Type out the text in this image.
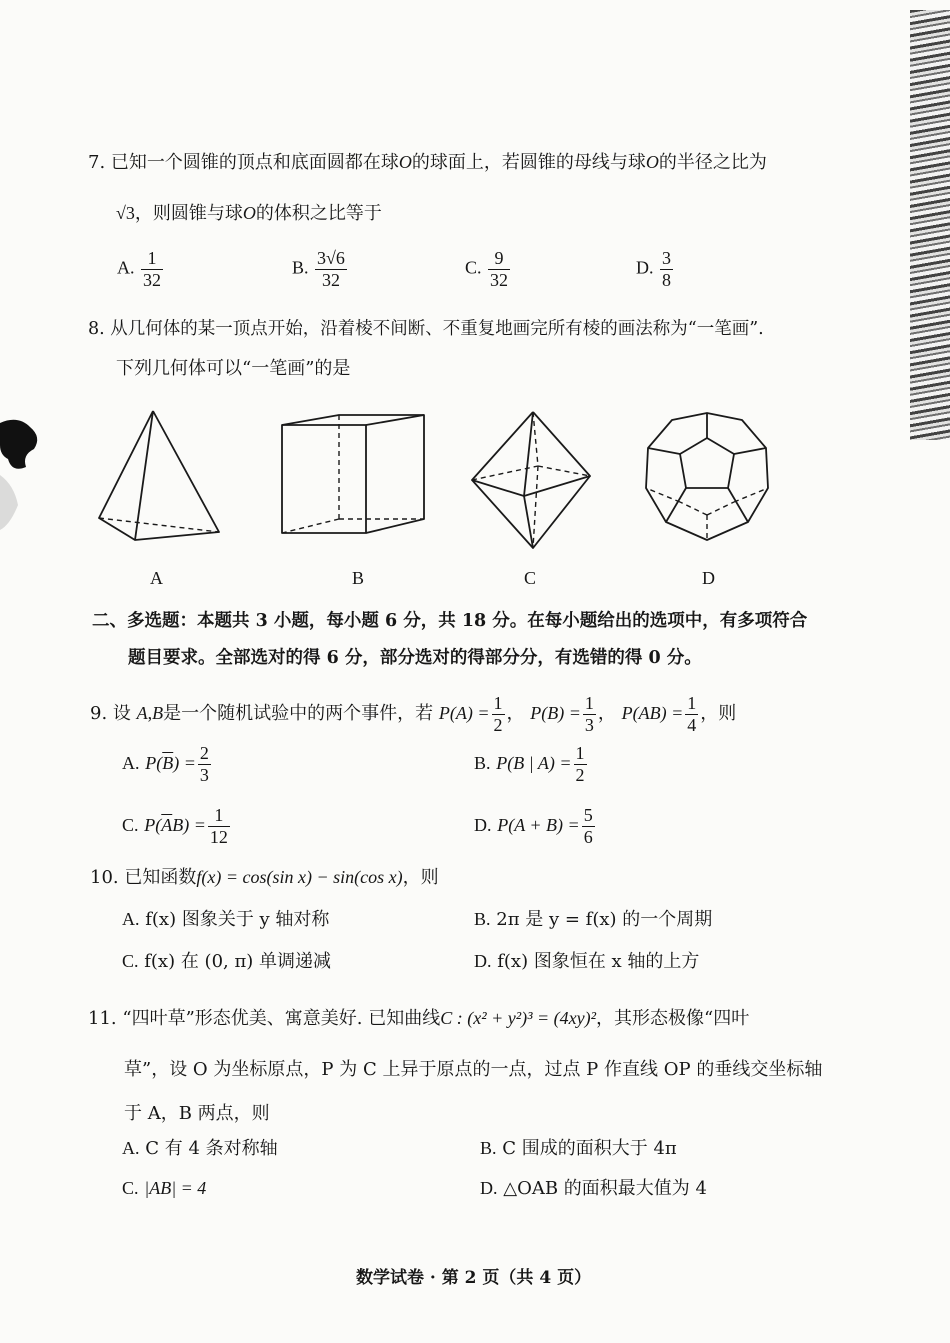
7. 已知一个圆锥的顶点和底面圆都在球O的球面上，若圆锥的母线与球O的半径之比为
√3，则圆锥与球O的体积之比等于
A. $\frac{1}{32}$	B. $\frac{3√6}{32}$	C. $\frac{9}{32}$	D. $\frac{3}{8}$
8. 从几何体的某一顶点开始，沿着棱不间断、不重复地画完所有棱的画法称为“一笔画”.
下列几何体可以“一笔画”的是
A	B	C	D
二、多选题：本题共 3 小题，每小题 6 分，共 18 分。在每小题给出的选项中，有多项符合
题目要求。全部选对的得 6 分，部分选对的得部分分，有选错的得 0 分。
9. 设 A,B是一个随机试验中的两个事件，若 $P(A) = \frac{1}{2}$ ， $P(B) = \frac{1}{3}$ ， $P(AB) = \frac{1}{4}$ ，则
A. $P(\overline{B}) = \frac{2}{3}$	B. P(B | $A) = \frac{1}{2}$
C. $P(\overline{A}B) = \frac{1}{12}$	D. $P(A + B) = \frac{5}{6}$
10. 已知函数f(x) = cos(sin x) − sin(cos x)，则
A. f(x) 图象关于 y 轴对称	B. 2π 是 y = f(x) 的一个周期
C. f(x) 在 (0, π) 单调递减	D. f(x) 图象恒在 x 轴的上方
11. “四叶草”形态优美、寓意美好. 已知曲线C : (x² + y²)³ = (4xy)²，其形态极像“四叶
草”，设 O 为坐标原点，P 为 C 上异于原点的一点，过点 P 作直线 OP 的垂线交坐标轴
于 A，B 两点，则
A. C 有 4 条对称轴	B. C 围成的面积大于 4π
C. |AB| = 4	D. △OAB 的面积最大值为 4
数学试卷 · 第 2 页（共 4 页）
